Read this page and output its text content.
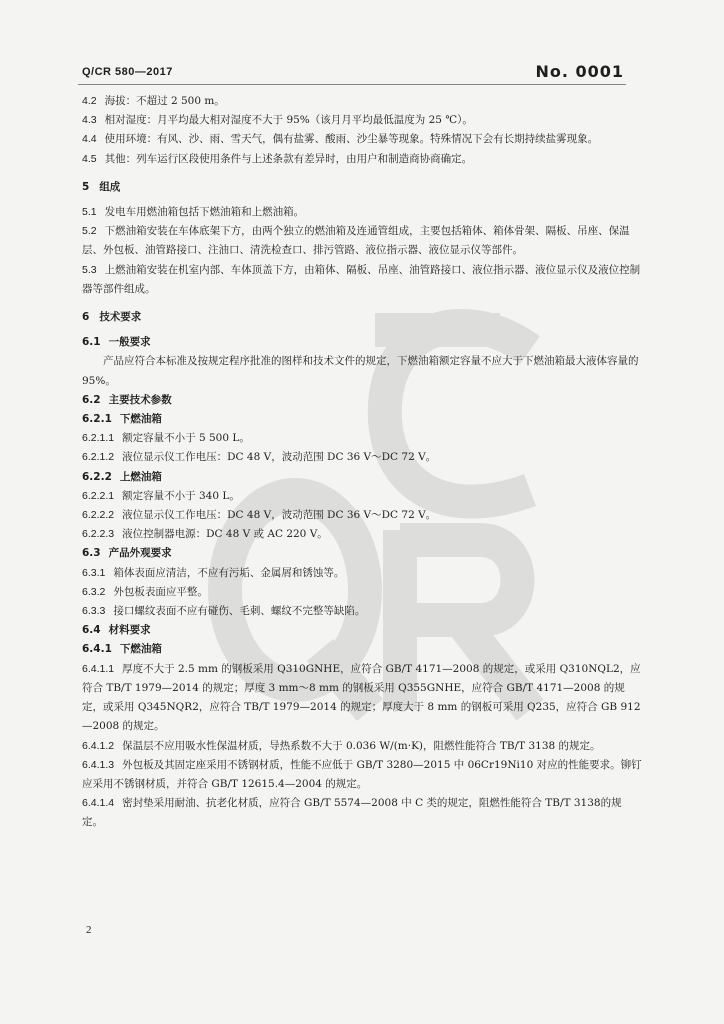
Q/CR 580—2017	No. 0001

4.2 海拔：不超过 2 500 m。

4.3 相对湿度：月平均最大相对湿度不大于 95%（该月月平均最低温度为 25 ℃）。

4.4 使用环境：有风、沙、雨、雪天气，偶有盐雾、酸雨、沙尘暴等现象。特殊情况下会有长期持续盐雾现象。

4.5 其他：列车运行区段使用条件与上述条款有差异时，由用户和制造商协商确定。

5 组成

5.1 发电车用燃油箱包括下燃油箱和上燃油箱。

5.2 下燃油箱安装在车体底架下方，由两个独立的燃油箱及连通管组成，主要包括箱体、箱体骨架、隔板、吊座、保温层、外包板、油管路接口、注油口、清洗检查口、排污管路、液位指示器、液位显示仪等部件。

5.3 上燃油箱安装在机室内部、车体顶盖下方，由箱体、隔板、吊座、油管路接口、液位指示器、液位显示仪及液位控制器等部件组成。

6 技术要求

6.1 一般要求

产品应符合本标准及按规定程序批准的图样和技术文件的规定，下燃油箱额定容量不应大于下燃油箱最大液体容量的 95%。

6.2 主要技术参数

6.2.1 下燃油箱

6.2.1.1 额定容量不小于 5 500 L。

6.2.1.2 液位显示仪工作电压：DC 48 V，波动范围 DC 36 V～DC 72 V。

6.2.2 上燃油箱

6.2.2.1 额定容量不小于 340 L。

6.2.2.2 液位显示仪工作电压：DC 48 V，波动范围 DC 36 V～DC 72 V。

6.2.2.3 液位控制器电源：DC 48 V 或 AC 220 V。

6.3 产品外观要求

6.3.1 箱体表面应清洁，不应有污垢、金属屑和锈蚀等。

6.3.2 外包板表面应平整。

6.3.3 接口螺纹表面不应有碰伤、毛刺、螺纹不完整等缺陷。

6.4 材料要求

6.4.1 下燃油箱

6.4.1.1 厚度不大于 2.5 mm 的钢板采用 Q310GNHE，应符合 GB/T 4171—2008 的规定，或采用 Q310NQL2，应符合 TB/T 1979—2014 的规定；厚度 3 mm～8 mm 的钢板采用 Q355GNHE，应符合 GB/T 4171—2008 的规定，或采用 Q345NQR2，应符合 TB/T 1979—2014 的规定；厚度大于 8 mm 的钢板可采用 Q235，应符合 GB 912—2008 的规定。

6.4.1.2 保温层不应用吸水性保温材质，导热系数不大于 0.036 W/(m·K)，阻燃性能符合 TB/T 3138 的规定。

6.4.1.3 外包板及其固定座采用不锈钢材质，性能不应低于 GB/T 3280—2015 中 06Cr19Ni10 对应的性能要求。铆钉应采用不锈钢材质，并符合 GB/T 12615.4—2004 的规定。

6.4.1.4 密封垫采用耐油、抗老化材质，应符合 GB/T 5574—2008 中 C 类的规定，阻燃性能符合 TB/T 3138的规定。

2
